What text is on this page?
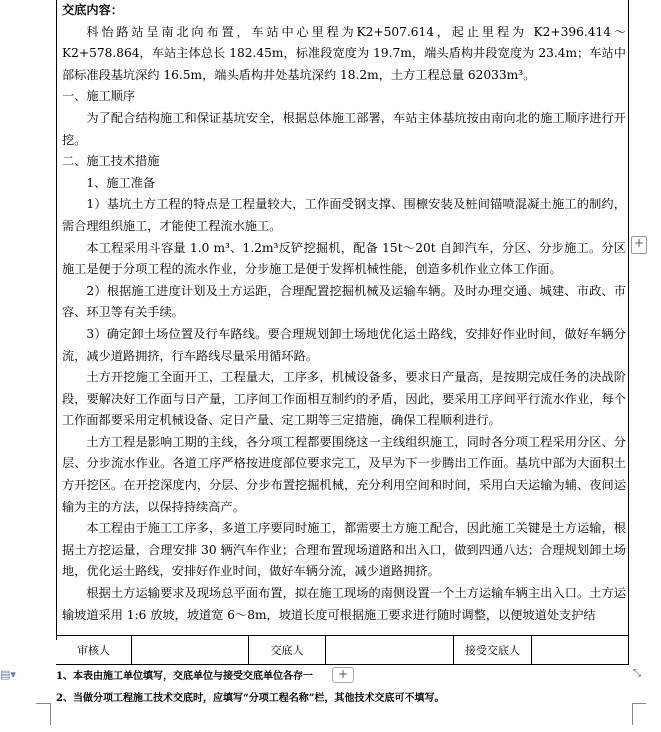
交底内容：

科怡路站呈南北向布置，车站中心里程为K2+507.614，起止里程为 K2+396.414～K2+578.864，车站主体总长 182.45m，标准段宽度为 19.7m，端头盾构井段宽度为 23.4m；车站中部标准段基坑深约 16.5m，端头盾构井处基坑深约 18.2m，土方工程总量 62033m³。

一、施工顺序

为了配合结构施工和保证基坑安全，根据总体施工部署，车站主体基坑按由南向北的施工顺序进行开挖。

二、施工技术措施

1、施工准备

1）基坑土方工程的特点是工程量较大，工作面受钢支撑、围檩安装及桩间锚喷混凝土施工的制约，需合理组织施工，才能使工程流水施工。

本工程采用斗容量 1.0 m³、1.2m³反铲挖掘机，配备 15t～20t 自卸汽车，分区、分步施工。分区施工是便于分项工程的流水作业，分步施工是便于发挥机械性能，创造多机作业立体工作面。

2）根据施工进度计划及土方运距，合理配置挖掘机械及运输车辆。及时办理交通、城建、市政、市容、环卫等有关手续。

3）确定卸土场位置及行车路线。要合理规划卸土场地优化运土路线，安排好作业时间，做好车辆分流，减少道路拥挤，行车路线尽量采用循环路。

土方开挖施工全面开工，工程量大，工序多，机械设备多，要求日产量高，是按期完成任务的决战阶段，要解决好工作面与日产量，工序间工作面相互制约的矛盾，因此，要采用工序间平行流水作业，每个工作面都要采用定机械设备、定日产量、定工期等三定措施，确保工程顺利进行。

土方工程是影响工期的主线，各分项工程都要围绕这一主线组织施工，同时各分项工程采用分区、分层、分步流水作业。各道工序严格按进度部位要求完工，及早为下一步腾出工作面。基坑中部为大面积土方开挖区。在开挖深度内，分层、分步布置挖掘机械，充分利用空间和时间，采用白天运输为辅、夜间运输为主的方法，以保持持续高产。

本工程由于施工工序多，多道工序要同时施工，都需要土方施工配合，因此施工关键是土方运输，根据土方挖运量，合理安排 30 辆汽车作业；合理布置现场道路和出入口，做到四通八达；合理规划卸土场地，优化运土路线，安排好作业时间，做好车辆分流，减少道路拥挤。

根据土方运输要求及现场总平面布置，拟在施工现场的南侧设置一个土方运输车辆主出入口。土方运输坡道采用 1:6 放坡，坡道宽 6～8m，坡道长度可根据施工要求进行随时调整，以便坡道处支护结

审核人	交底人	接受交底人
1、本表由施工单位填写，交底单位与接受交底单位各存一
2、当做分项工程施工技术交底时，应填写“分项工程名称”栏，其他技术交底可不填写。
+
+
▤▾	⤡
